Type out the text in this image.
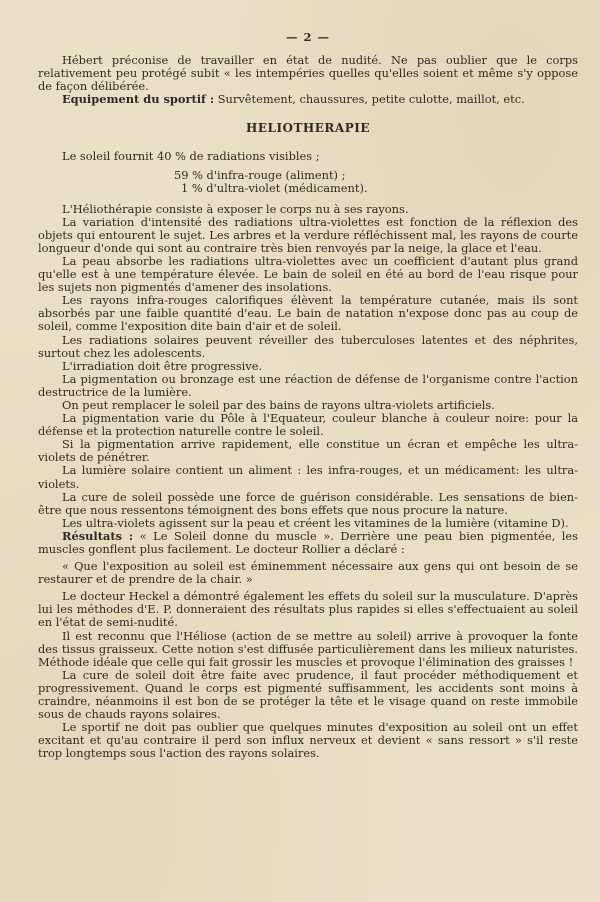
— 2 —

Hébert préconise de travailler en état de nudité. Ne pas oublier que le corps relativement peu protégé subit « les intempéries quelles qu'elles soient et même s'y oppose de façon délibérée.

Equipement du sportif : Survêtement, chaussures, petite culotte, maillot, etc.

HELIOTHERAPIE
Le soleil fournit 40 % de radiations visibles ;
59 % d'infra-rouge (aliment) ;
1 % d'ultra-violet (médicament).

L'Héliothérapie consiste à exposer le corps nu à ses rayons.

La variation d'intensité des radiations ultra-violettes est fonction de la réflexion des objets qui entourent le sujet. Les arbres et la verdure réfléchissent mal, les rayons de courte longueur d'onde qui sont au contraire très bien renvoyés par la neige, la glace et l'eau.

La peau absorbe les radiations ultra-violettes avec un coefficient d'autant plus grand qu'elle est à une température élevée. Le bain de soleil en été au bord de l'eau risque pour les sujets non pigmentés d'amener des insolations.

Les rayons infra-rouges calorifiques élèvent la température cutanée, mais ils sont absorbés par une faible quantité d'eau. Le bain de natation n'expose donc pas au coup de soleil, comme l'exposition dite bain d'air et de soleil.

Les radiations solaires peuvent réveiller des tuberculoses latentes et des néphrites, surtout chez les adolescents.

L'irradiation doit être progressive.

La pigmentation ou bronzage est une réaction de défense de l'organisme contre l'action destructrice de la lumière.

On peut remplacer le soleil par des bains de rayons ultra-violets artificiels.

La pigmentation varie du Pôle à l'Equateur, couleur blanche à couleur noire: pour la défense et la protection naturelle contre le soleil.

Si la pigmentation arrive rapidement, elle constitue un écran et empêche les ultra-violets de pénétrer.

La lumière solaire contient un aliment : les infra-rouges, et un médicament: les ultra-violets.

La cure de soleil possède une force de guérison considérable. Les sensations de bien-être que nous ressentons témoignent des bons effets que nous procure la nature.

Les ultra-violets agissent sur la peau et créent les vitamines de la lumière (vitamine D).

Résultats : « Le Soleil donne du muscle ». Derrière une peau bien pigmentée, les muscles gonflent plus facilement. Le docteur Rollier a déclaré :

« Que l'exposition au soleil est éminemment nécessaire aux gens qui ont besoin de se restaurer et de prendre de la chair. »

Le docteur Heckel a démontré également les effets du soleil sur la musculature. D'après lui les méthodes d'E. P. donneraient des résultats plus rapides si elles s'effectuaient au soleil en l'état de semi-nudité.

Il est reconnu que l'Héliose (action de se mettre au soleil) arrive à provoquer la fonte des tissus graisseux. Cette notion s'est diffusée particulièrement dans les milieux naturistes. Méthode idéale que celle qui fait grossir les muscles et provoque l'élimination des graisses !

La cure de soleil doit être faite avec prudence, il faut procéder méthodiquement et progressivement. Quand le corps est pigmenté suffisamment, les accidents sont moins à craindre, néanmoins il est bon de se protéger la tête et le visage quand on reste immobile sous de chauds rayons solaires.

Le sportif ne doit pas oublier que quelques minutes d'exposition au soleil ont un effet excitant et qu'au contraire il perd son influx nerveux et devient « sans ressort » s'il reste trop longtemps sous l'action des rayons solaires.
